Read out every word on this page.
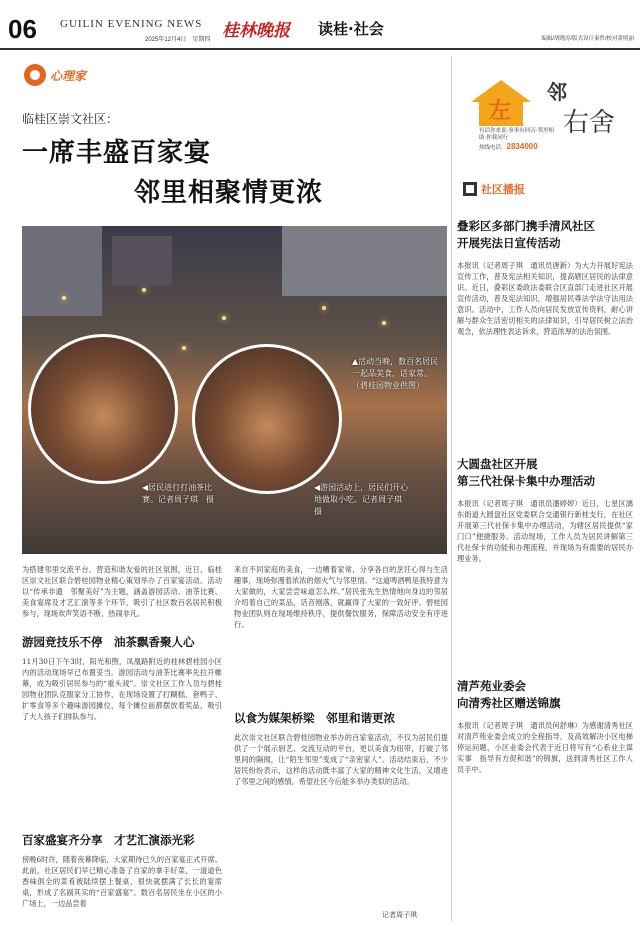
06 GUILIN EVENING NEWS
2025年12月4日　星期四 桂林晚报 读桂·社会
编辑/胡晓涛/版式设计秦哲/校对黄明丽
心理家
临桂区崇文社区：
一席丰盛百家宴
邻里相聚情更浓
▲活动当晚，数百名居民一起品美食，话家常。（碧桂园物业供图）
◀居民进行打油茶比赛。记者周子琪　摄
◀游园活动上，居民们开心地做取小吃。记者周子琪　摄
为搭建邻里交流平台，营造和谐友爱的社区氛围，近日，临桂区崇文社区联合碧桂园物业精心策划举办了百家宴活动。活动以“传承非遗　邻聚美好”为主题，涵盖游园活动、油茶比赛、美食宴席及才艺汇演等多个环节，吸引了社区数百名居民积极参与，现场欢声笑语不断，热闹非凡。
游园竞技乐不停　油茶飘香聚人心
11月30日下午3时，阳光和煦，凤凰路附近的桂林碧桂园小区内的活动现场早已布置妥当。游园活动与油茶比赛率先拉开帷幕，成为吸引居民参与的“重头戏”。崇文社区工作人员与碧桂园物业团队克服家分工协作，在现场设置了打糊糕、套鸭子、扩零食等多个趣味游园摊位，每个摊位前都摆放着奖品，吸引了大人孩子们排队参与。
百家盛宴齐分享　才艺汇演添光彩
傍晚6时许，随着夜幕降临，大家期待已久的百家宴正式开席。此前，社区居民们早已精心准备了自家的拿手好菜，一道道色香味俱全的菜肴被陆续摆上餐桌，很快就摆满了长长的宴席桌，形成了名副其实的“百家盛宴”。数百名居民坐在小区的小广场上，一边品尝着
来自不同家庭的美食，一边嘈着家常，分享各自的烹饪心得与生活趣事，现场弥漫着浓浓的烟火气与邻里情。“这道啤酒鸭是我特意为大家做的，大家尝尝味道怎么样。”居民张先生热情地向身边的邻居介绍着自己的菜品，话音刚落，就赢得了大家的一致好评。碧桂园物业团队则在现场维持秩序，提供餐饮服务，保障活动安全有序进行。
以食为媒架桥梁　邻里和谐更浓
此次崇文社区联合碧桂园物业举办的百家宴活动，不仅为居民们提供了一个展示厨艺、交流互动的平台，更以美食为纽带，打破了邻里间的隔阂，让“陌生邻里”变成了“亲密家人”。活动结束后，不少居民纷纷表示，这样的活动既丰富了大家的精神文化生活，又增进了邻里之间的感情，希望社区今后能多举办类似的活动。
记者周子琪
左
邻
右舍
有话你来说·事事有回音·邻里相助·你我同行
热线电话：2834000
社区播报
叠彩区多部门携手清风社区
开展宪法日宣传活动
本报讯（记者周子琪　通讯员唐新）为大力开展好宪法宣传工作，普及宪法相关知识，提高辖区居民的法律意识。近日，叠彩区委政法委联合区直部门走进社区开展宣传活动，普及宪法知识，增强居民尊法学法守法用法意识。活动中，工作人员向居民发放宣传资料，耐心讲解与群众生活密切相关的法律知识，引导居民树立法治观念，依法理性表达诉求，营造浓厚的法治氛围。
大圆盘社区开展
第三代社保卡集中办理活动
本报讯（记者周子琪　通讯员潘婷婷）近日，七星区漓东街道大圆盘社区党委联合交通银行新桂支行，在社区开展第三代社保卡集中办理活动，为辖区居民提供“家门口”便捷服务。活动现场，工作人员为居民讲解第三代社保卡的功能和办理流程，并现场为有需要的居民办理业务。
清芦苑业委会
向清秀社区赠送锦旗
本报讯（记者周子琪　通讯员何舒琳）为感谢清秀社区对清芦苑业委会成立的全程指导，及高效解决小区电梯停运问题，小区业委会代表于近日将写有“心系业主谋实事　指导有方促和谐”的锦旗，送到清秀社区工作人员手中。
